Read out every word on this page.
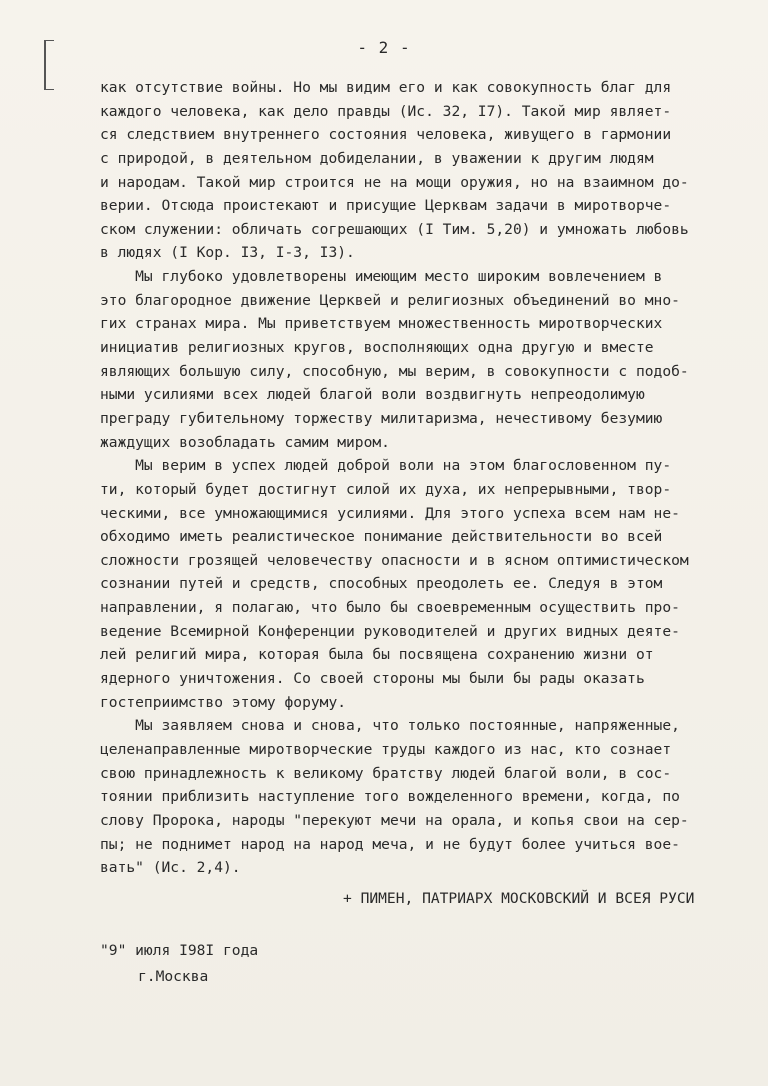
- 2 -
как отсутствие войны. Но мы видим его и как совокупность благ для
каждого человека, как дело правды (Ис. 32, I7). Такой мир являет-
ся следствием внутреннего состояния человека, живущего в гармонии
с природой, в деятельном добиделании, в уважении к другим людям
и народам. Такой мир строится не на мощи оружия, но на взаимном до-
верии. Отсюда проистекают и присущие Церквам задачи в миротворче-
ском служении: обличать согрешающих (I Тим. 5,20) и умножать любовь
в людях (I Кор. I3, I-3, I3).
Мы глубоко удовлетворены имеющим место широким вовлечением в
это благородное движение Церквей и религиозных объединений во мно-
гих странах мира. Мы приветствуем множественность миротворческих
инициатив религиозных кругов, восполняющих одна другую и вместе
являющих большую силу, способную, мы верим, в совокупности с подоб-
ными усилиями всех людей благой воли воздвигнуть непреодолимую
преграду губительному торжеству милитаризма, нечестивому безумию
жаждущих возобладать самим миром.
Мы верим в успех людей доброй воли на этом благословенном пу-
ти, который будет достигнут силой их духа, их непрерывными, твор-
ческими, все умножающимися усилиями. Для этого успеха всем нам не-
обходимо иметь реалистическое понимание действительности во всей
сложности грозящей человечеству опасности и в ясном оптимистическом
сознании путей и средств, способных преодолеть ее. Следуя в этом
направлении, я полагаю, что было бы своевременным осуществить про-
ведение Всемирной Конференции руководителей и других видных деяте-
лей религий мира, которая была бы посвящена сохранению жизни от
ядерного уничтожения. Со своей стороны мы были бы рады оказать
гостеприимство этому форуму.
Мы заявляем снова и снова, что только постоянные, напряженные,
целенаправленные миротворческие труды каждого из нас, кто сознает
свою принадлежность к великому братству людей благой воли, в сос-
тоянии приблизить наступление того вожделенного времени, когда, по
слову Пророка, народы "перекуют мечи на орала, и копья свои на сер-
пы; не поднимет народ на народ меча, и не будут более учиться вое-
вать" (Ис. 2,4).
+ ПИМЕН, ПАТРИАРХ МОСКОВСКИЙ И ВСЕЯ РУСИ
"9" июля I98I года
г.Москва
